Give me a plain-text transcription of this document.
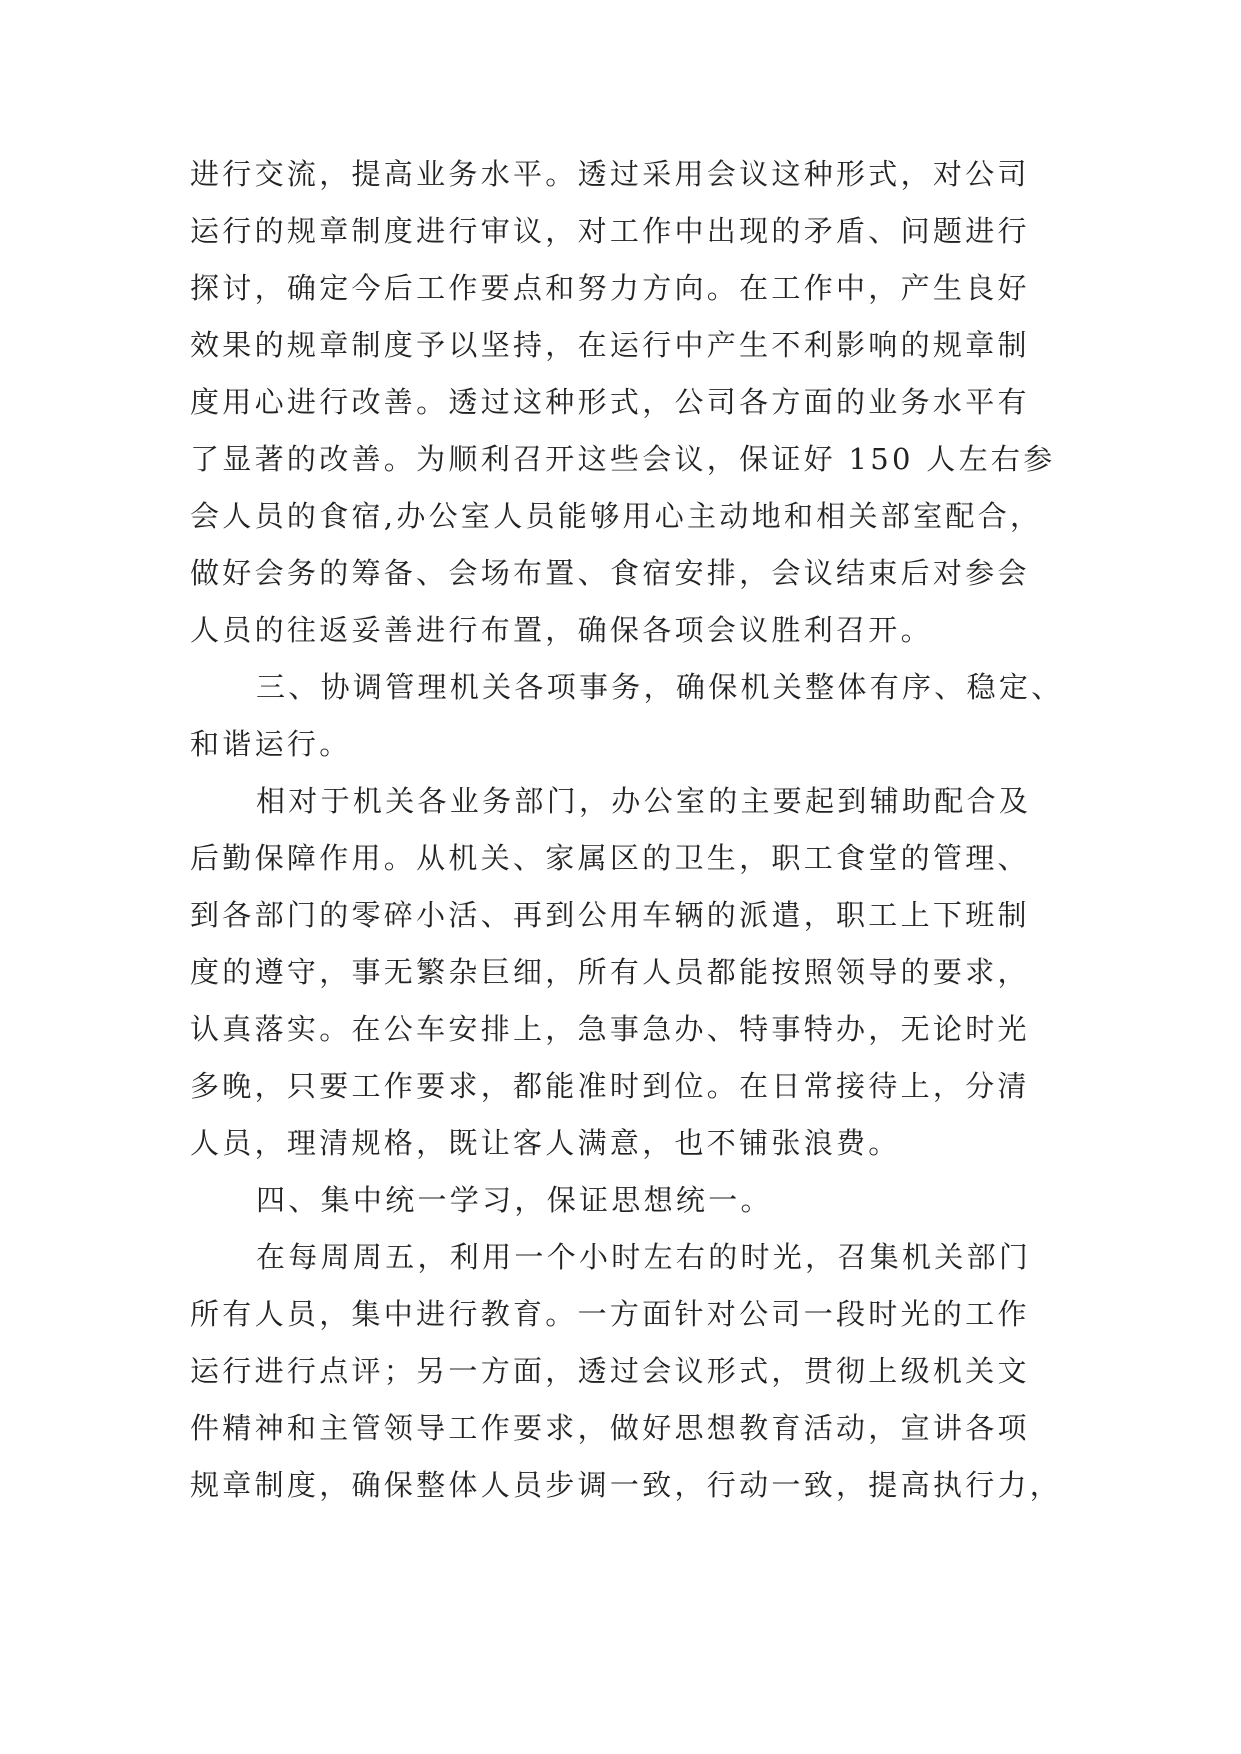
进行交流，提高业务水平。透过采用会议这种形式，对公司
运行的规章制度进行审议，对工作中出现的矛盾、问题进行
探讨，确定今后工作要点和努力方向。在工作中，产生良好
效果的规章制度予以坚持，在运行中产生不利影响的规章制
度用心进行改善。透过这种形式，公司各方面的业务水平有
了显著的改善。为顺利召开这些会议，保证好 150 人左右参
会人员的食宿,办公室人员能够用心主动地和相关部室配合，
做好会务的筹备、会场布置、食宿安排，会议结束后对参会
人员的往返妥善进行布置，确保各项会议胜利召开。

三、协调管理机关各项事务，确保机关整体有序、稳定、
和谐运行。

相对于机关各业务部门，办公室的主要起到辅助配合及
后勤保障作用。从机关、家属区的卫生，职工食堂的管理、
到各部门的零碎小活、再到公用车辆的派遣，职工上下班制
度的遵守，事无繁杂巨细，所有人员都能按照领导的要求，
认真落实。在公车安排上，急事急办、特事特办，无论时光
多晚，只要工作要求，都能准时到位。在日常接待上，分清
人员，理清规格，既让客人满意，也不铺张浪费。

四、集中统一学习，保证思想统一。

在每周周五，利用一个小时左右的时光，召集机关部门
所有人员，集中进行教育。一方面针对公司一段时光的工作
运行进行点评；另一方面，透过会议形式，贯彻上级机关文
件精神和主管领导工作要求，做好思想教育活动，宣讲各项
规章制度，确保整体人员步调一致，行动一致，提高执行力，
